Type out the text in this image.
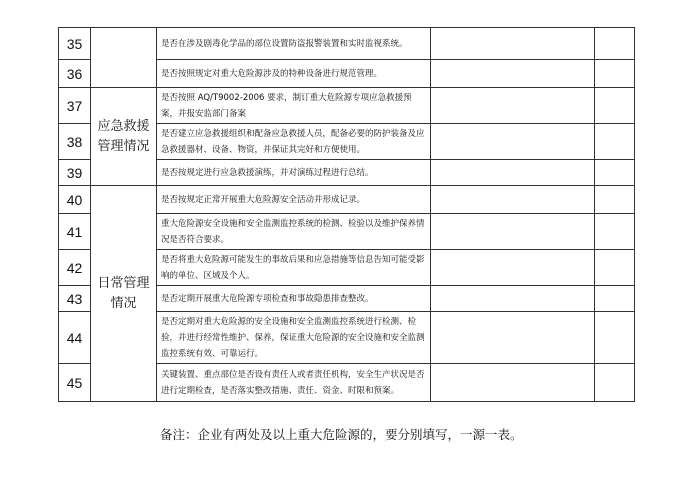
35		是否在涉及剧毒化学品的部位设置防盗报警装置和实时监视系统。		
36		是否按照规定对重大危险源涉及的特种设备进行规范管理。		
37	应急救援管理情况	是否按照 AQ/T9002-2006 要求，制订重大危险源专项应急救援预案，并报安监部门备案		
38		是否建立应急救援组织和配备应急救援人员，配备必要的防护装备及应急救援器材、设备、物资，并保证其完好和方便使用。		
39		是否按规定进行应急救援演练，并对演练过程进行总结。		
40	日常管理情况	是否按规定正常开展重大危险源安全活动并形成记录。		
41		重大危险源安全设施和安全监测监控系统的检测、检验以及维护保养情况是否符合要求。		
42		是否将重大危险源可能发生的事故后果和应急措施等信息告知可能受影响的单位、区域及个人。		
43		是否定期开展重大危险源专项检查和事故隐患排查整改。		
44		是否定期对重大危险源的安全设施和安全监测监控系统进行检测、检验，并进行经常性维护、保养，保证重大危险源的安全设施和安全监测监控系统有效、可靠运行。		
45		关键装置、重点部位是否设有责任人或者责任机构，安全生产状况是否进行定期检查，是否落实整改措施、责任、资金、时限和预案。		
备注：企业有两处及以上重大危险源的，要分别填写，一源一表。
